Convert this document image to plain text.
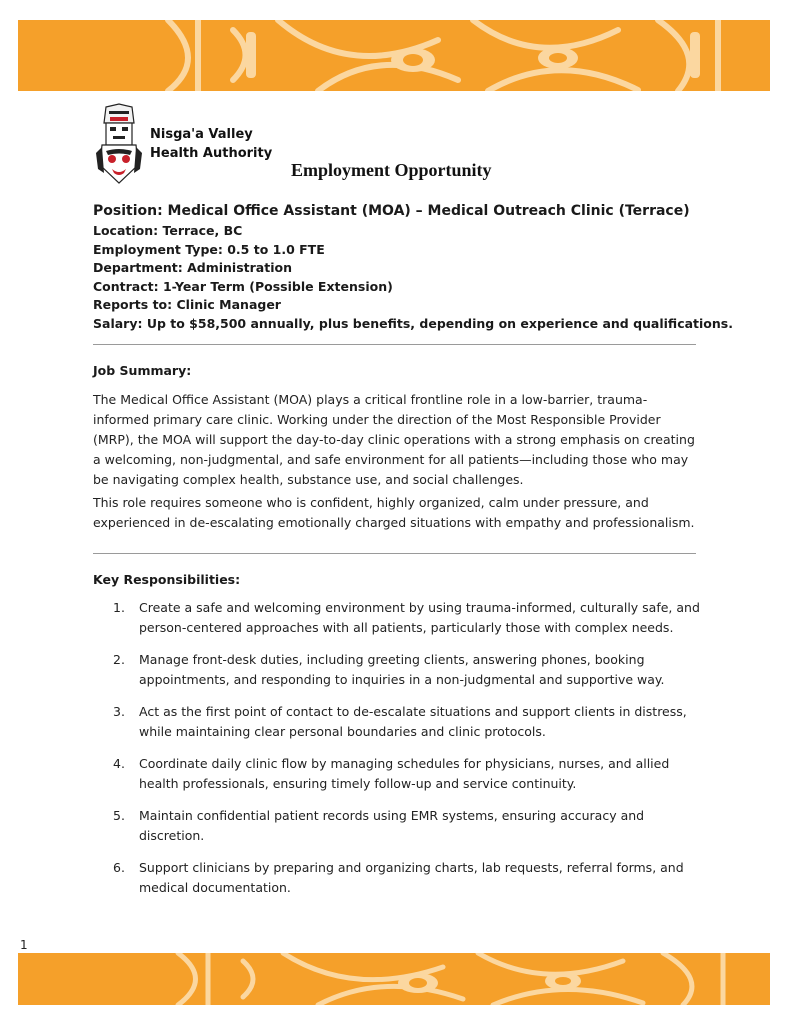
Nisga'a Valley
Health Authority
Employment Opportunity
Position: Medical Office Assistant (MOA) – Medical Outreach Clinic (Terrace)
Location: Terrace, BC
Employment Type: 0.5 to 1.0 FTE
Department: Administration
Contract: 1-Year Term (Possible Extension)
Reports to: Clinic Manager
Salary: Up to $58,500 annually, plus benefits, depending on experience and qualifications.
Job Summary:

The Medical Office Assistant (MOA) plays a critical frontline role in a low-barrier, trauma-informed primary care clinic. Working under the direction of the Most Responsible Provider (MRP), the MOA will support the day-to-day clinic operations with a strong emphasis on creating a welcoming, non-judgmental, and safe environment for all patients—including those who may be navigating complex health, substance use, and social challenges.

This role requires someone who is confident, highly organized, calm under pressure, and experienced in de-escalating emotionally charged situations with empathy and professionalism.

Key Responsibilities:
1.	Create a safe and welcoming environment by using trauma-informed, culturally safe, and person-centered approaches with all patients, particularly those with complex needs.
2.	Manage front-desk duties, including greeting clients, answering phones, booking appointments, and responding to inquiries in a non-judgmental and supportive way.
3.	Act as the first point of contact to de-escalate situations and support clients in distress, while maintaining clear personal boundaries and clinic protocols.
4.	Coordinate daily clinic flow by managing schedules for physicians, nurses, and allied health professionals, ensuring timely follow-up and service continuity.
5.	Maintain confidential patient records using EMR systems, ensuring accuracy and discretion.
6.	Support clinicians by preparing and organizing charts, lab requests, referral forms, and medical documentation.
1
